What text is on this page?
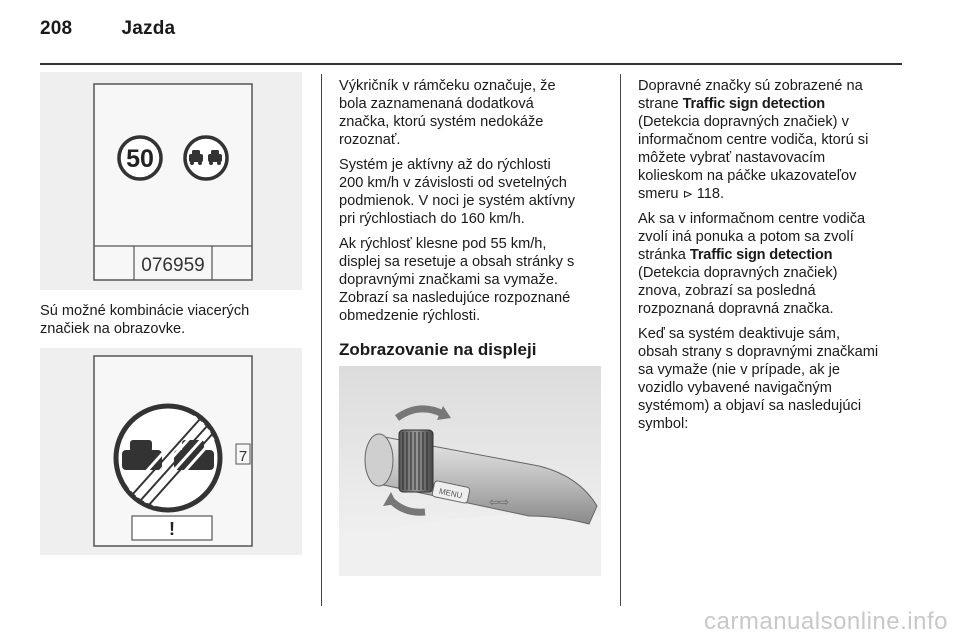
208	Jazda
50
076959

Sú možné kombinácie viacerých
značiek na obrazovke.

7
!

Výkričník v rámčeku označuje, že
bola zaznamenaná dodatková
značka, ktorú systém nedokáže
rozoznať.

Systém je aktívny až do rýchlosti
200 km/h v závislosti od svetelných
podmienok. V noci je systém aktívny
pri rýchlostiach do 160 km/h.

Ak rýchlosť klesne pod 55 km/h,
displej sa resetuje a obsah stránky s
dopravnými značkami sa vymaže.
Zobrazí sa nasledujúce rozpoznané
obmedzenie rýchlosti.

Zobrazovanie na displeji
MENU
⇦⇨

Dopravné značky sú zobrazené na
strane Traffic sign detection
(Detekcia dopravných značiek) v
informačnom centre vodiča, ktorú si
môžete vybrať nastavovacím
kolieskom na páčke ukazovateľov
smeru ⊳ 118.

Ak sa v informačnom centre vodiča
zvolí iná ponuka a potom sa zvolí
stránka Traffic sign detection
(Detekcia dopravných značiek)
znova, zobrazí sa posledná
rozpoznaná dopravná značka.

Keď sa systém deaktivuje sám,
obsah strany s dopravnými značkami
sa vymaže (nie v prípade, ak je
vozidlo vybavené navigačným
systémom) a objaví sa nasledujúci
symbol:

carmanualsonline.info
